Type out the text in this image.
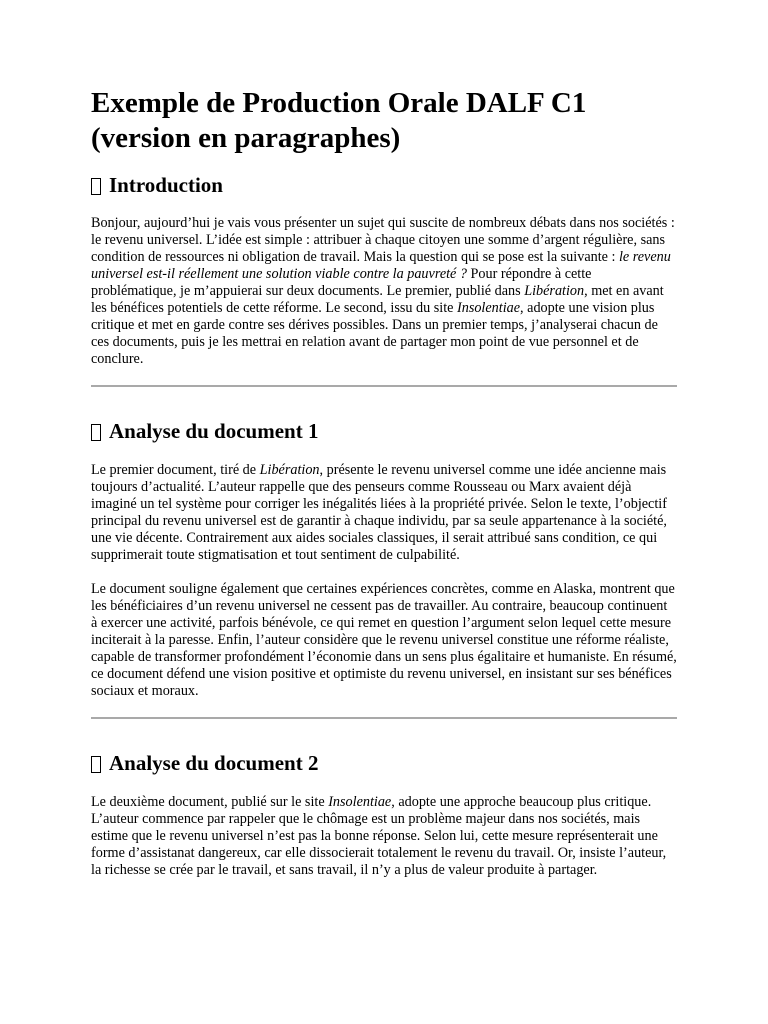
Exemple de Production Orale DALF C1 (version en paragraphes)
Introduction

Bonjour, aujourd’hui je vais vous présenter un sujet qui suscite de nombreux débats dans nos sociétés : le revenu universel. L’idée est simple : attribuer à chaque citoyen une somme d’argent régulière, sans condition de ressources ni obligation de travail. Mais la question qui se pose est la suivante : le revenu universel est-il réellement une solution viable contre la pauvreté ? Pour répondre à cette problématique, je m’appuierai sur deux documents. Le premier, publié dans Libération, met en avant les bénéfices potentiels de cette réforme. Le second, issu du site Insolentiae, adopte une vision plus critique et met en garde contre ses dérives possibles. Dans un premier temps, j’analyserai chacun de ces documents, puis je les mettrai en relation avant de partager mon point de vue personnel et de conclure.

Analyse du document 1

Le premier document, tiré de Libération, présente le revenu universel comme une idée ancienne mais toujours d’actualité. L’auteur rappelle que des penseurs comme Rousseau ou Marx avaient déjà imaginé un tel système pour corriger les inégalités liées à la propriété privée. Selon le texte, l’objectif principal du revenu universel est de garantir à chaque individu, par sa seule appartenance à la société, une vie décente. Contrairement aux aides sociales classiques, il serait attribué sans condition, ce qui supprimerait toute stigmatisation et tout sentiment de culpabilité.

Le document souligne également que certaines expériences concrètes, comme en Alaska, montrent que les bénéficiaires d’un revenu universel ne cessent pas de travailler. Au contraire, beaucoup continuent à exercer une activité, parfois bénévole, ce qui remet en question l’argument selon lequel cette mesure inciterait à la paresse. Enfin, l’auteur considère que le revenu universel constitue une réforme réaliste, capable de transformer profondément l’économie dans un sens plus égalitaire et humaniste. En résumé, ce document défend une vision positive et optimiste du revenu universel, en insistant sur ses bénéfices sociaux et moraux.

Analyse du document 2

Le deuxième document, publié sur le site Insolentiae, adopte une approche beaucoup plus critique. L’auteur commence par rappeler que le chômage est un problème majeur dans nos sociétés, mais estime que le revenu universel n’est pas la bonne réponse. Selon lui, cette mesure représenterait une forme d’assistanat dangereux, car elle dissocierait totalement le revenu du travail. Or, insiste l’auteur, la richesse se crée par le travail, et sans travail, il n’y a plus de valeur produite à partager.
